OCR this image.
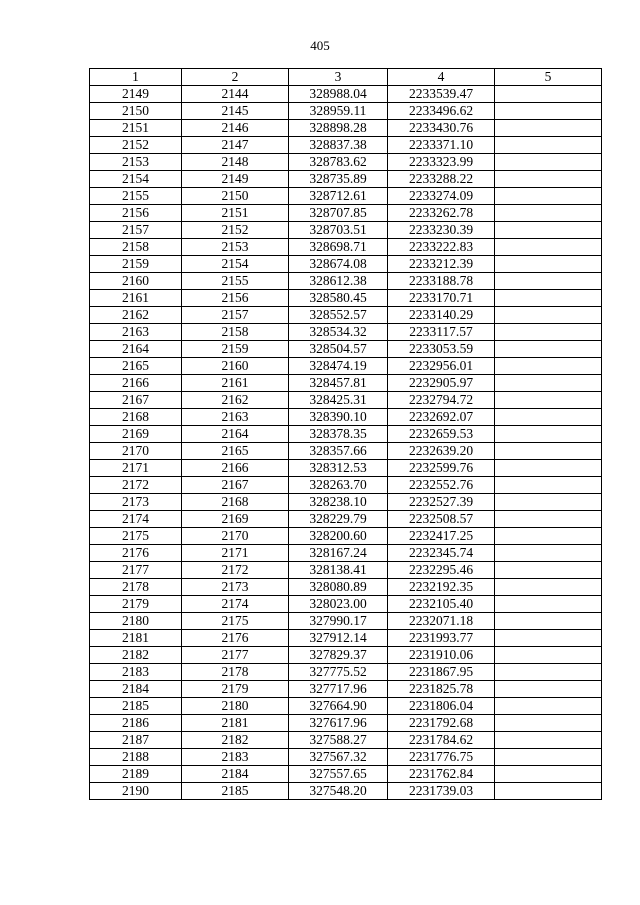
405
1	2	3	4	5
2149	2144	328988.04	2233539.47	
2150	2145	328959.11	2233496.62	
2151	2146	328898.28	2233430.76	
2152	2147	328837.38	2233371.10	
2153	2148	328783.62	2233323.99	
2154	2149	328735.89	2233288.22	
2155	2150	328712.61	2233274.09	
2156	2151	328707.85	2233262.78	
2157	2152	328703.51	2233230.39	
2158	2153	328698.71	2233222.83	
2159	2154	328674.08	2233212.39	
2160	2155	328612.38	2233188.78	
2161	2156	328580.45	2233170.71	
2162	2157	328552.57	2233140.29	
2163	2158	328534.32	2233117.57	
2164	2159	328504.57	2233053.59	
2165	2160	328474.19	2232956.01	
2166	2161	328457.81	2232905.97	
2167	2162	328425.31	2232794.72	
2168	2163	328390.10	2232692.07	
2169	2164	328378.35	2232659.53	
2170	2165	328357.66	2232639.20	
2171	2166	328312.53	2232599.76	
2172	2167	328263.70	2232552.76	
2173	2168	328238.10	2232527.39	
2174	2169	328229.79	2232508.57	
2175	2170	328200.60	2232417.25	
2176	2171	328167.24	2232345.74	
2177	2172	328138.41	2232295.46	
2178	2173	328080.89	2232192.35	
2179	2174	328023.00	2232105.40	
2180	2175	327990.17	2232071.18	
2181	2176	327912.14	2231993.77	
2182	2177	327829.37	2231910.06	
2183	2178	327775.52	2231867.95	
2184	2179	327717.96	2231825.78	
2185	2180	327664.90	2231806.04	
2186	2181	327617.96	2231792.68	
2187	2182	327588.27	2231784.62	
2188	2183	327567.32	2231776.75	
2189	2184	327557.65	2231762.84	
2190	2185	327548.20	2231739.03	
